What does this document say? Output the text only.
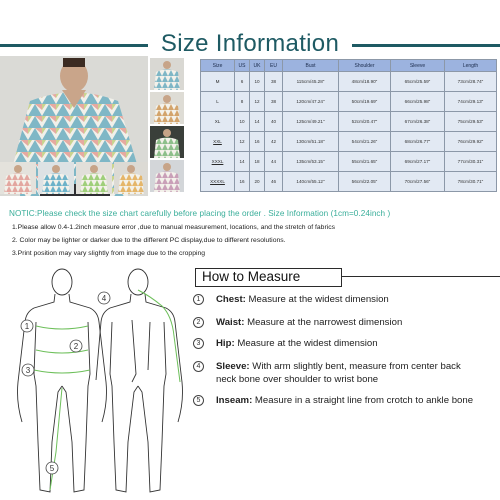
Size Information
Size	US	UK	EU	Bust	Shoulder	Sleeve	Length
M	6	10	38	115cm/45.28"	48cm/18.90"	65cm/25.59"	73cm/28.74"
L	8	12	38	120cm/47.24"	50cm/19.69"	66cm/25.98"	74cm/29.13"
XL	10	14	40	125cm/49.21"	52cm/20.47"	67cm/26.38"	75cm/29.53"
XXL	12	16	42	130cm/51.18"	54cm/21.26"	68cm/26.77"	76cm/29.92"
XXXL	14	18	44	135cm/53.15"	55cm/21.65"	69cm/27.17"	77cm/30.31"
XXXXL	16	20	46	140cm/55.12"	56cm/22.05"	70cm/27.56"	78cm/30.71"
NOTIC:Please check the size chart carefully before placing the order . Size Information (1cm=0.24inch )
1.Please allow 0.4-1.2inch measure error ,due to manual measurement, locations, and the stretch of fabrics
2. Color may be lighter or darker due to the different PC display,due to different resolutions.
3.Print position may vary slightly from image due to the cropping
1
2
3
4
5
How to Measure
1	Chest: Measure at the widest dimension
2	Waist: Measure at the narrowest dimension
3	Hip: Measure at the widest dimension
4	Sleeve: With arm slightly bent, measure from center back neck bone over shoulder to wrist bone
5	Inseam: Measure in a straight line from crotch to ankle bone
